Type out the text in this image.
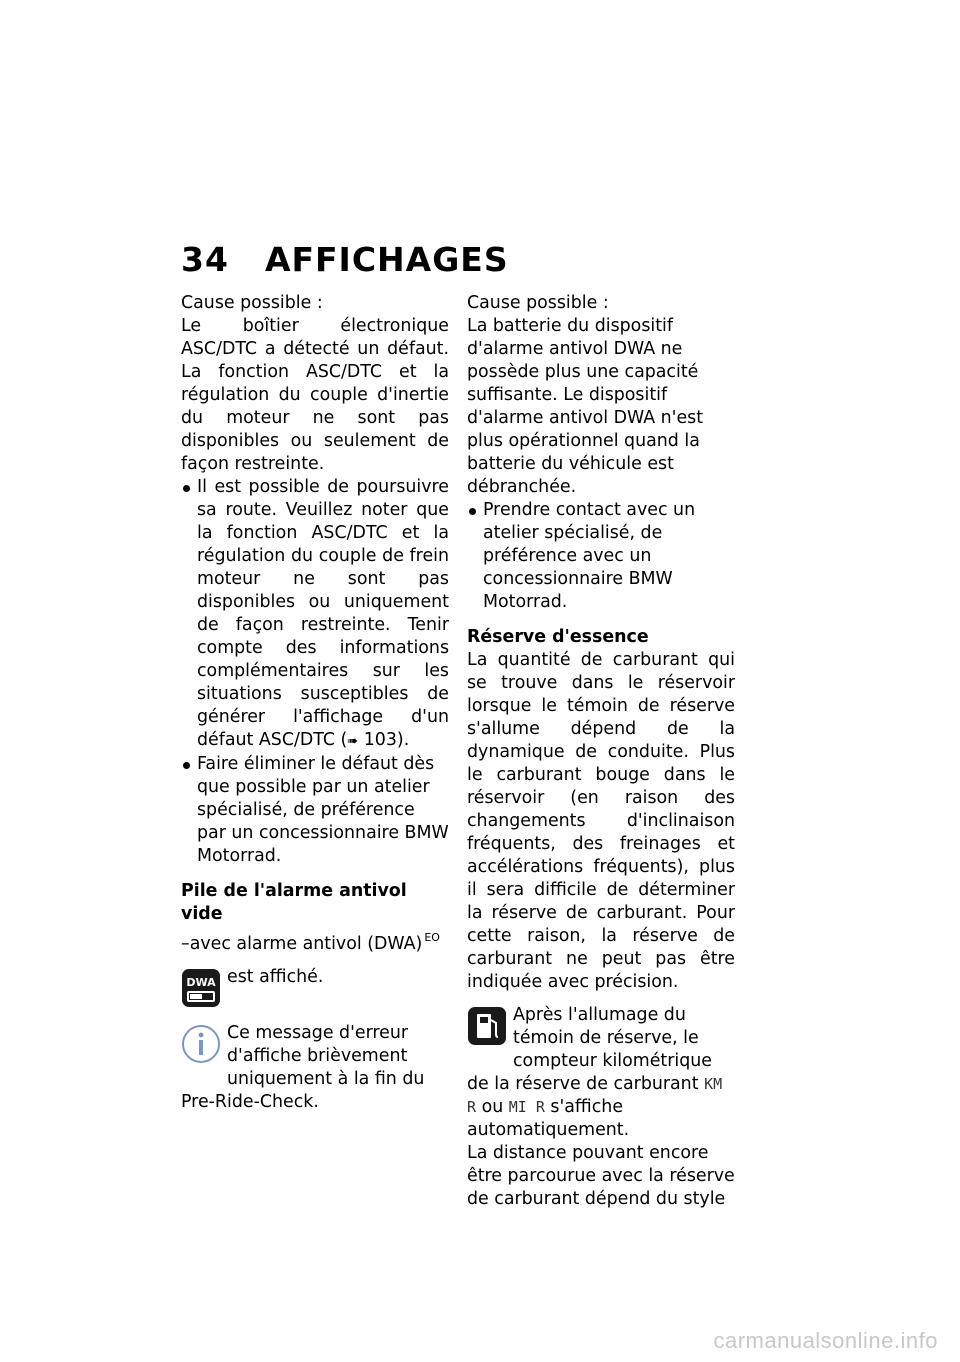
34 AFFICHAGES

Cause possible :

Le boîtier électronique ASC/DTC a détecté un défaut. La fonction ASC/DTC et la régulation du couple d'inertie du moteur ne sont pas disponibles ou seulement de façon restreinte.

Il est possible de poursuivre sa route. Veuillez noter que la fonction ASC/DTC et la régulation du couple de frein moteur ne sont pas disponibles ou uniquement de façon restreinte. Tenir compte des informations complémentaires sur les situations susceptibles de générer l'affichage d'un défaut ASC/DTC (➠ 103).

Faire éliminer le défaut dès que possible par un atelier spécialisé, de préférence par un concessionnaire BMW Motorrad.

Pile de l'alarme antivol vide

–avec alarme antivol (DWA) $^{EO}$

DWA est affiché.

Ce message d'erreur d'affiche brièvement uniquement à la fin du Pre-Ride-Check.

Cause possible :

La batterie du dispositif d'alarme antivol DWA ne possède plus une capacité suffisante. Le dispositif d'alarme antivol DWA n'est plus opérationnel quand la batterie du véhicule est débranchée.

Prendre contact avec un atelier spécialisé, de préférence avec un concessionnaire BMW Motorrad.

Réserve d'essence

La quantité de carburant qui se trouve dans le réservoir lorsque le témoin de réserve s'allume dépend de la dynamique de conduite. Plus le carburant bouge dans le réservoir (en raison des changements d'inclinaison fréquents, des freinages et accélérations fréquents), plus il sera difficile de déterminer la réserve de carburant. Pour cette raison, la réserve de carburant ne peut pas être indiquée avec précision.

Après l'allumage du témoin de réserve, le compteur kilométrique de la réserve de carburant KM R ou MI R s'affiche automatiquement.

La distance pouvant encore être parcourue avec la réserve de carburant dépend du style

carmanualsonline.info
